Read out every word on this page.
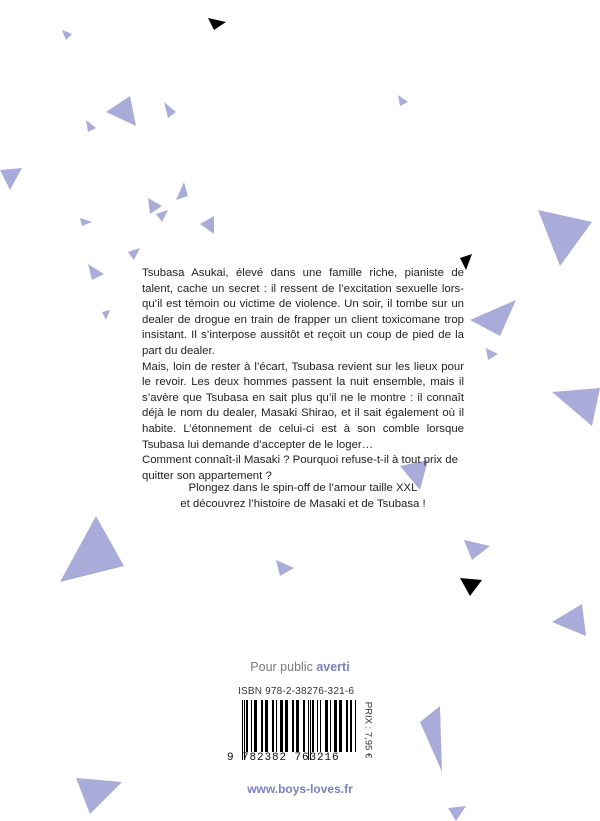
Tsubasa Asukai, élevé dans une famille riche, pianiste de talent, cache un secret : il ressent de l’excitation sexuelle lors-qu’il est témoin ou victime de violence. Un soir, il tombe sur un dealer de drogue en train de frapper un client toxicomane trop insistant. Il s’interpose aussitôt et reçoit un coup de pied de la part du dealer.

Mais, loin de rester à l’écart, Tsubasa revient sur les lieux pour le revoir. Les deux hommes passent la nuit ensemble, mais il s’avère que Tsubasa en sait plus qu’il ne le montre : il connaît déjà le nom du dealer, Masaki Shirao, et il sait également où il habite. L’étonnement de celui-ci est à son comble lorsque Tsubasa lui demande d’accepter de le loger…

Comment connaît-il Masaki ? Pourquoi refuse-t-il à tout prix de quitter son appartement ?

Plongez dans le spin-off de l’amour taille XXL

et découvrez l’histoire de Masaki et de Tsubasa !

Pour public averti
ISBN 978-2-38276-321-6
9 782382 763216	PRIX : 7,95 €
www.boys-loves.fr
